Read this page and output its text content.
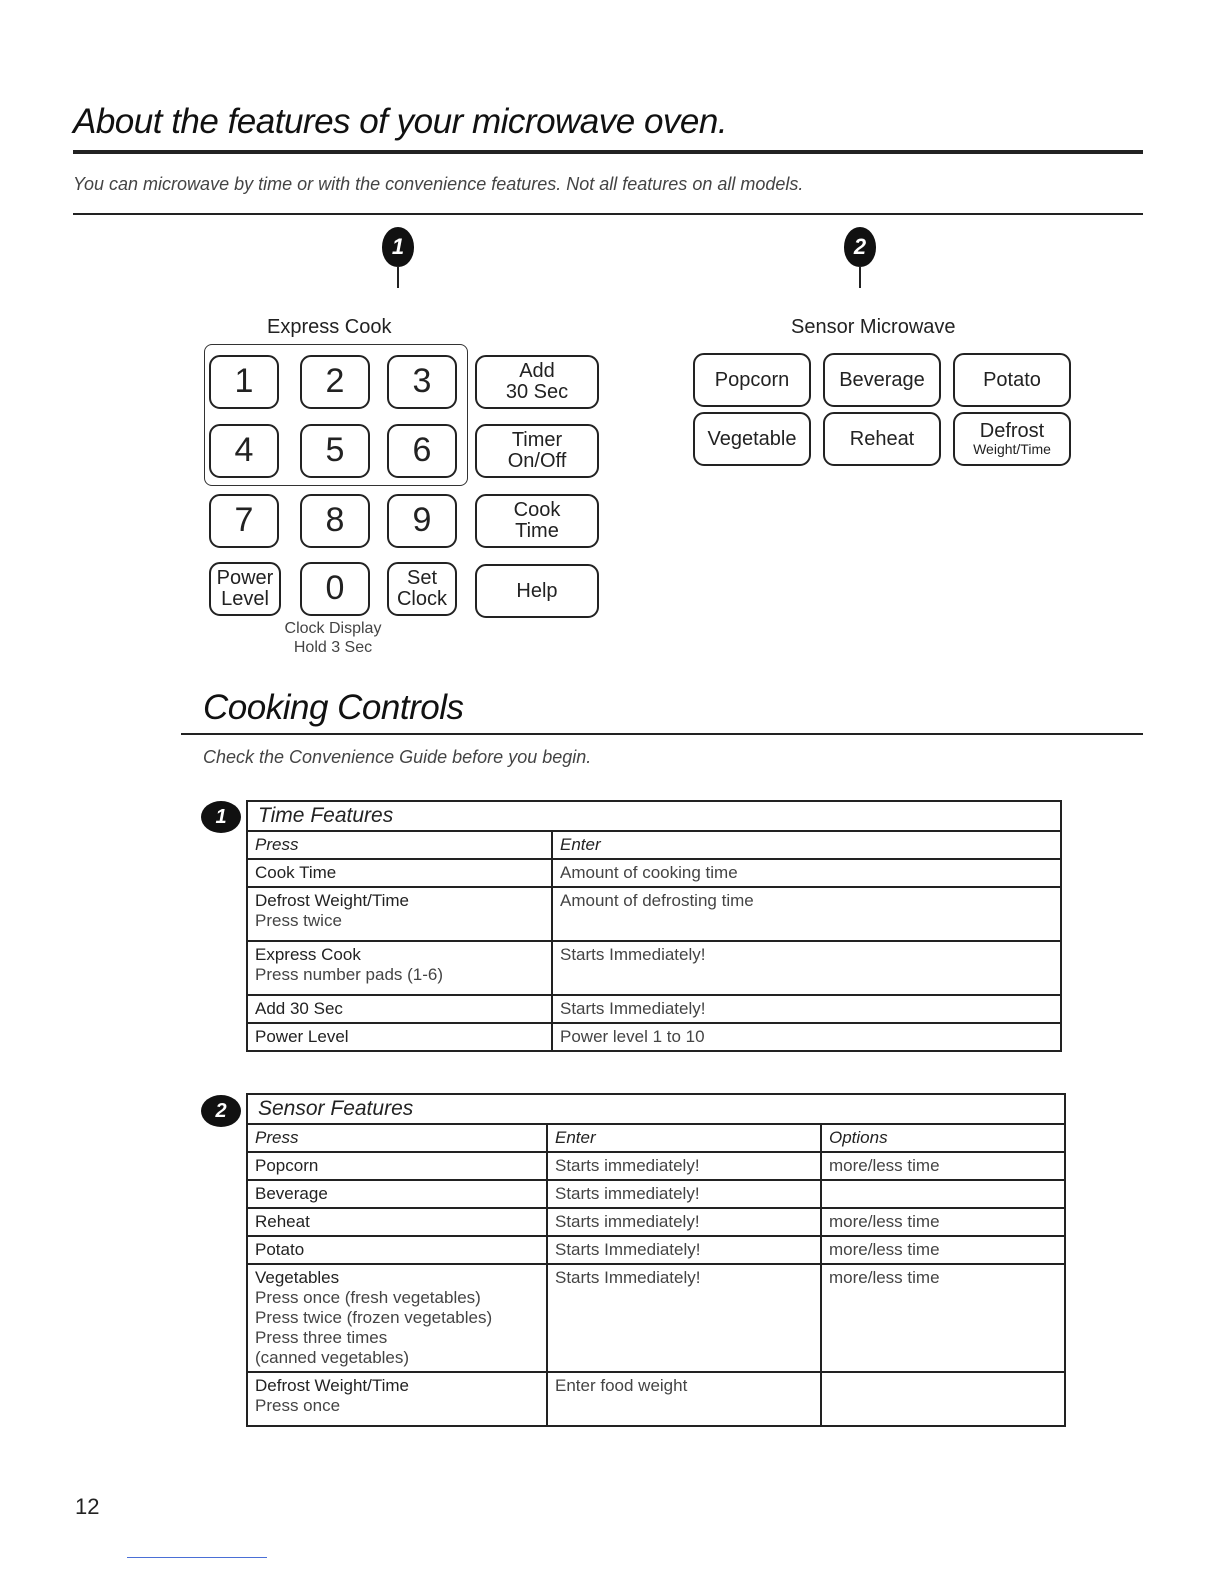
About the features of your microwave oven.
You can microwave by time or with the convenience features. Not all features on all models.
1	2
Express Cook	Sensor Microwave
1	2	3
4	5	6
7	8	9
Power
Level	0	Set
Clock
Add
30 Sec
Timer
On/Off
Cook
Time
Help
Clock Display
Hold 3 Sec
Popcorn	Beverage	Potato
Vegetable	Reheat	Defrost
Weight/Time
Cooking Controls
Check the Convenience Guide before you begin.
1	Time Features	
Press	Enter

Cook Time	Amount of cooking time

Defrost Weight/Time
Press twice	Amount of defrosting time

Express Cook
Press number pads (1-6)	Starts Immediately!

Add 30 Sec	Starts Immediately!

Power Level	Power level 1 to 10
2	Sensor Features		
Press	Enter	Options

Popcorn	Starts immediately!	more/less time

Beverage	Starts immediately!	

Reheat	Starts immediately!	more/less time

Potato	Starts Immediately!	more/less time

Vegetables
Press once (fresh vegetables)
Press twice (frozen vegetables)
Press three times
(canned vegetables)	Starts Immediately!	more/less time

Defrost Weight/Time
Press once	Enter food weight	
12
